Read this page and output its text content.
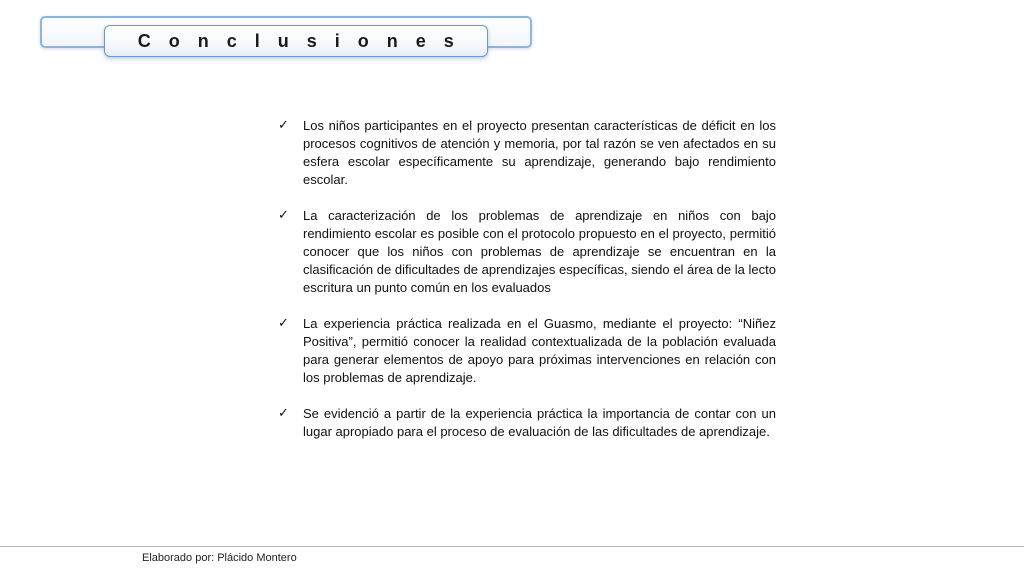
C o n c l u s i o n e s
✓ Los niños participantes en el proyecto presentan características de déficit en los procesos cognitivos de atención y memoria, por tal razón se ven afectados en su esfera escolar específicamente su aprendizaje, generando bajo rendimiento escolar.
✓ La caracterización de los problemas de aprendizaje en niños con bajo rendimiento escolar es posible con el protocolo propuesto en el proyecto, permitió conocer que los niños con problemas de aprendizaje se encuentran en la clasificación de dificultades de aprendizajes específicas, siendo el área de la lecto escritura un punto común en los evaluados
✓ La experiencia práctica realizada en el Guasmo, mediante el proyecto: “Niñez Positiva”, permitió conocer la realidad contextualizada de la población evaluada para generar elementos de apoyo para próximas intervenciones en relación con los problemas de aprendizaje.
✓ Se evidenció a partir de la experiencia práctica la importancia de contar con un lugar apropiado para el proceso de evaluación de las dificultades de aprendizaje.
Elaborado por: Plácido Montero
